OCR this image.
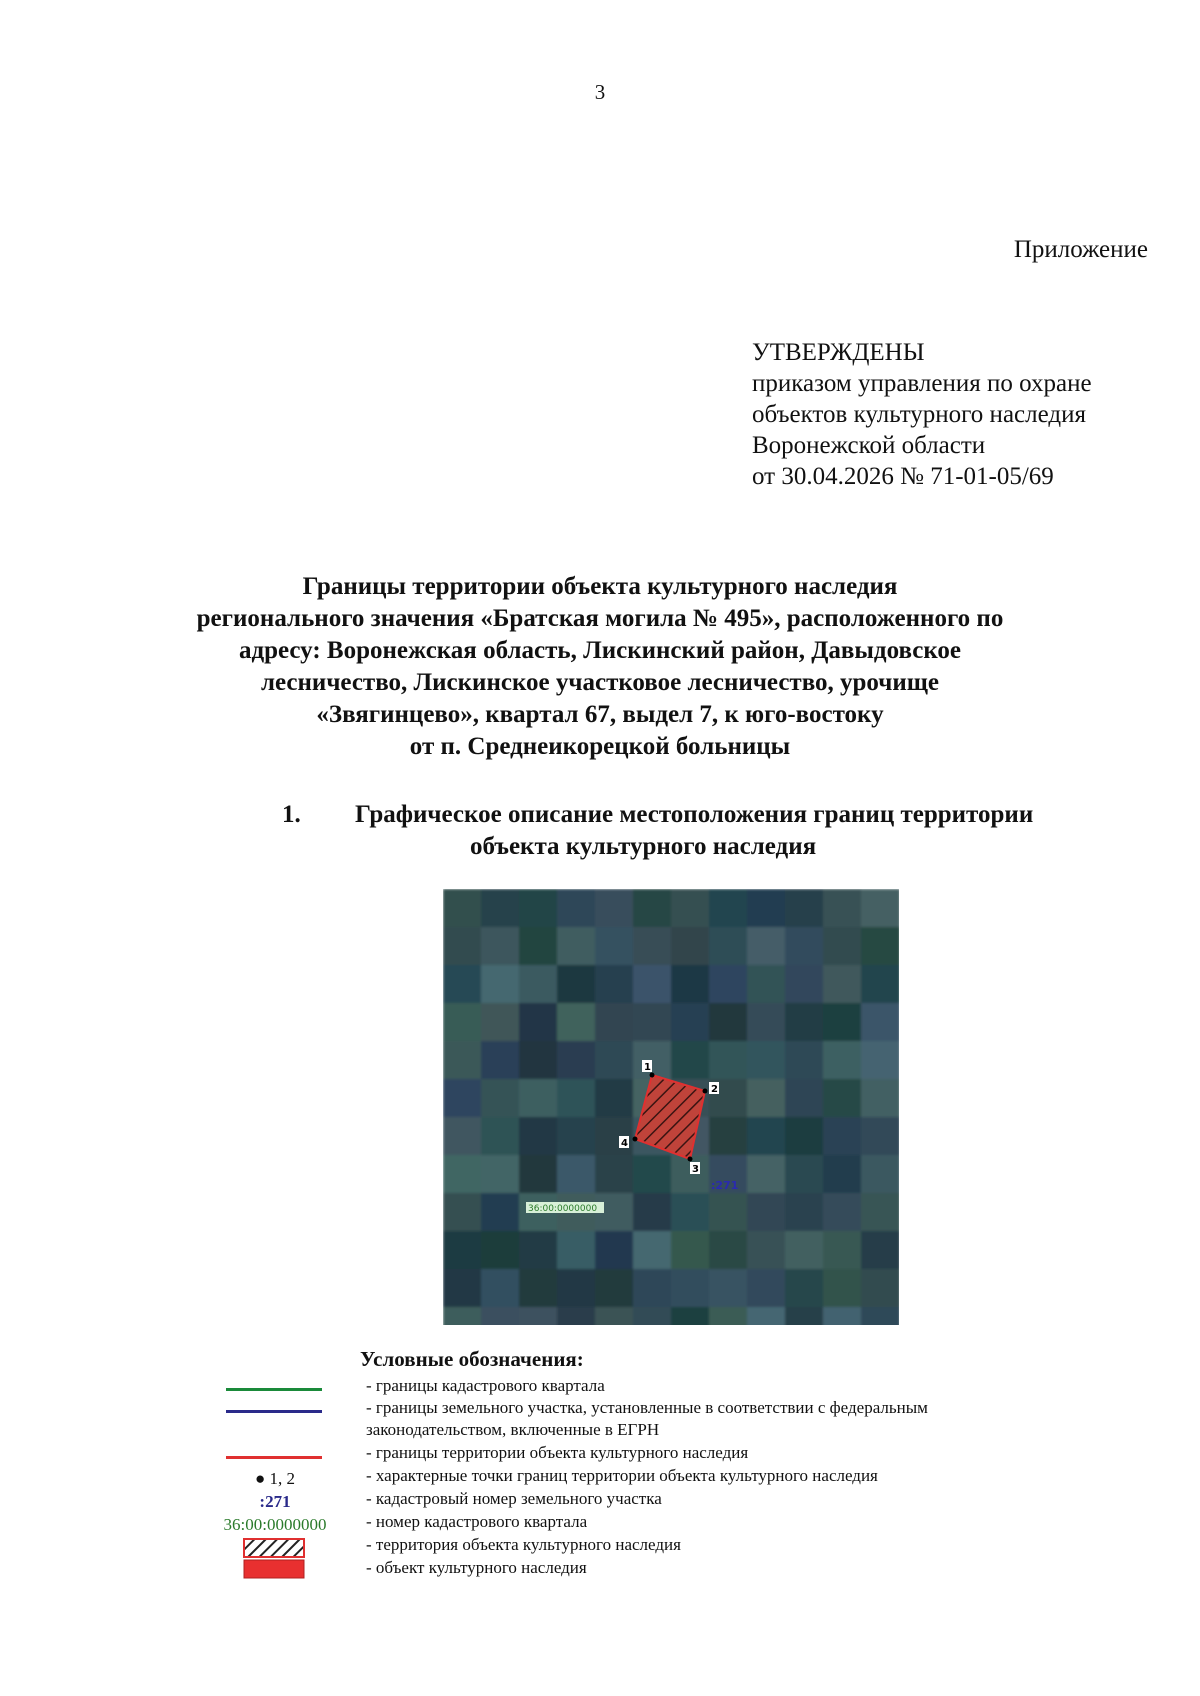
3
Приложение
УТВЕРЖДЕНЫ
приказом управления по охране
объектов культурного наследия
Воронежской области
от 30.04.2026 № 71-01-05/69
Границы территории объекта культурного наследия
регионального значения «Братская могила № 495», расположенного по
адресу: Воронежская область, Лискинский район, Давыдовское
лесничество, Лискинское участковое лесничество, урочище
«Звягинцево», квартал 67, выдел 7, к юго-востоку
от п. Среднеикорецкой больницы
1. Графическое описание местоположения границ территории
объекта культурного наследия
1
2
3
4
:271
36:00:0000000
Условные обозначения:
● 1, 2
:271
36:00:0000000
- границы кадастрового квартала
- границы земельного участка, установленные в соответствии с федеральным
законодательством, включенные в ЕГРН
- границы территории объекта культурного наследия
- характерные точки границ территории объекта культурного наследия
- кадастровый номер земельного участка
- номер кадастрового квартала
- территория объекта культурного наследия
- объект культурного наследия
